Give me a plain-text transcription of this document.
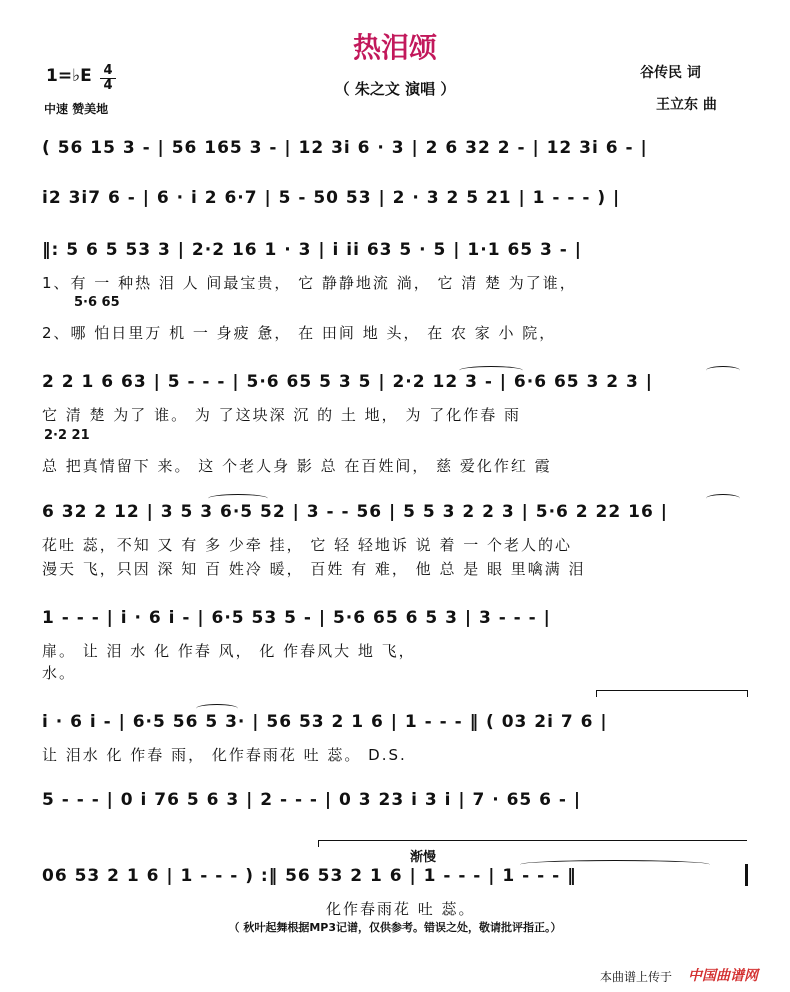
热泪颂
（ 朱之文 演唱 ）
1=♭E 4
4
中速 赞美地
谷传民 词
王立东 曲
( 56 15 3 - | 56 165 3 - | 12 3i 6 · 3 | 2 6 32 2 - | 12 3i 6 - |
i2 3i7 6 - | 6 · i 2 6·7 | 5 - 50 53 | 2 · 3 2 5 21 | 1 - - - ) |
‖: 5 6 5 53 3 | 2·2 16 1 · 3 | i ii 63 5 · 5 | 1·1 65 3 - |
1、有 一 种热 泪 人 间最宝贵， 它 静静地流 淌， 它 清 楚 为了谁，
5·6 65
2、哪 怕日里万 机 一 身疲 惫， 在 田间 地 头， 在 农 家 小 院，
2 2 1 6 63 | 5 - - - | 5·6 65 5 3 5 | 2·2 12 3 - | 6·6 65 3 2 3 |
它 清 楚 为了 谁。 为 了这块深 沉 的 土 地， 为 了化作春 雨
2·2 21
总 把真情留下 来。 这 个老人身 影 总 在百姓间， 慈 爱化作红 霞
6 32 2 12 | 3 5 3 6·5 52 | 3 - - 56 | 5 5 3 2 2 3 | 5·6 2 22 16 |
花吐 蕊，不知 又 有 多 少牵 挂， 它 轻 轻地诉 说 着 一 个老人的心
漫天 飞，只因 深 知 百 姓冷 暖， 百姓 有 难， 他 总 是 眼 里噙满 泪
1 - - - | i · 6 i - | 6·5 53 5 - | 5·6 65 6 5 3 | 3 - - - |
扉。 让 泪 水 化 作春 风， 化 作春风大 地 飞，
水。
i · 6 i - | 6·5 56 5 3· | 56 53 2 1 6 | 1 - - - ‖ ( 03 2i 7 6 |
让 泪水 化 作春 雨， 化作春雨花 吐 蕊。 D.S.
5 - - - | 0 i 76 5 6 3 | 2 - - - | 0 3 23 i 3 i | 7 · 65 6 - |
渐慢
06 53 2 1 6 | 1 - - - ) :‖ 56 53 2 1 6 | 1 - - - | 1 - - - ‖
化作春雨花 吐 蕊。
（ 秋叶起舞根据MP3记谱，仅供参考。错误之处，敬请批评指正。）
本曲谱上传于 中国曲谱网
